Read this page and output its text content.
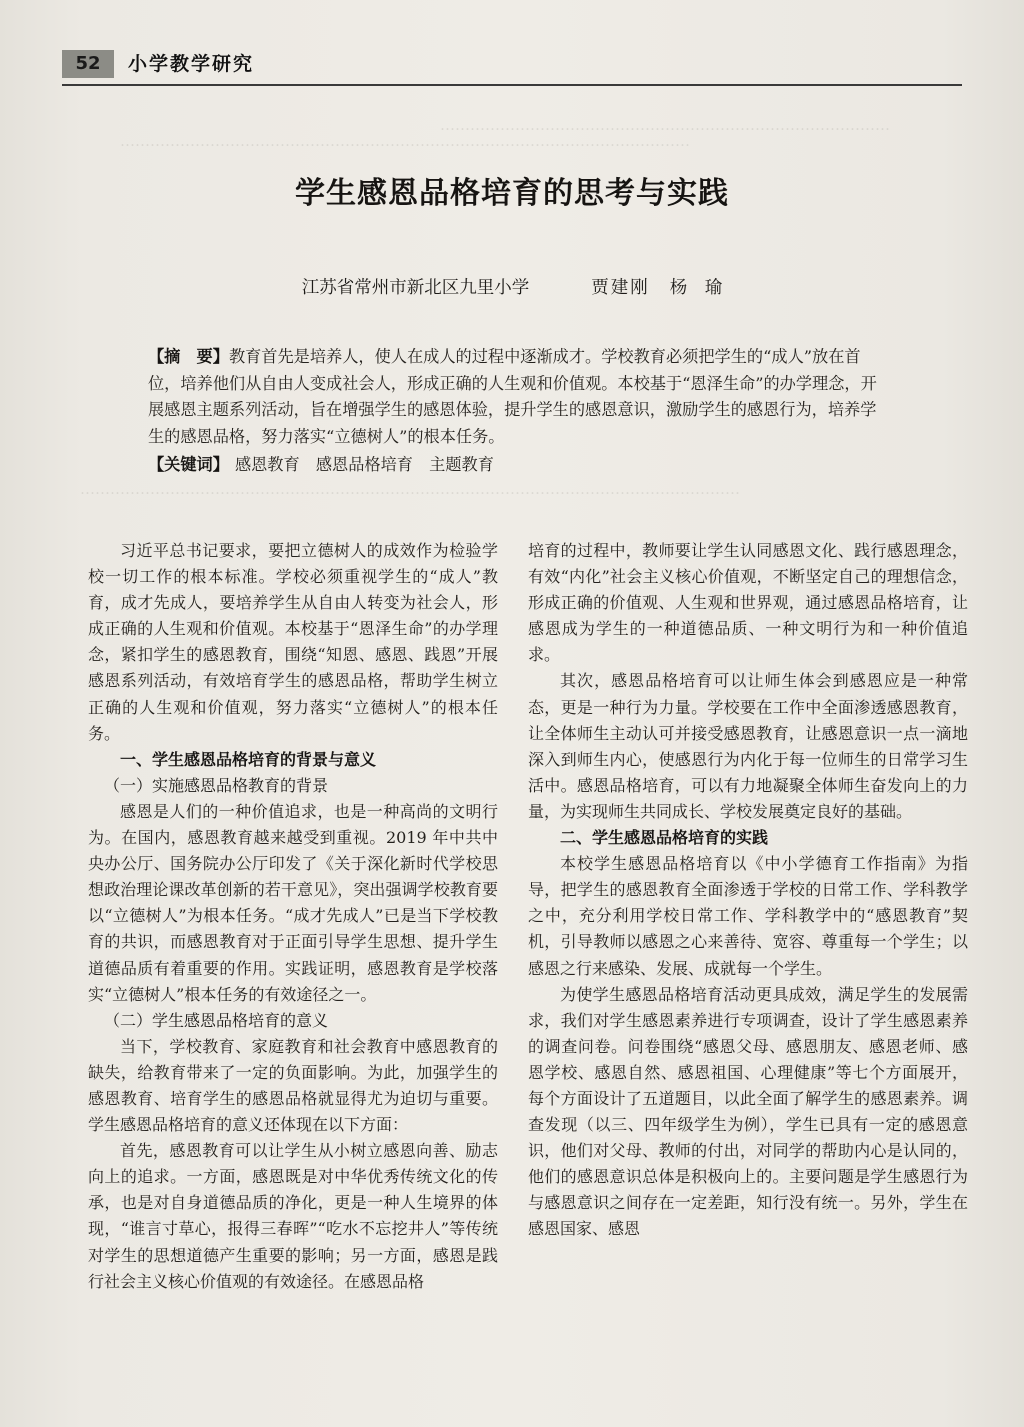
………………………………………………………………………………
……………………………………………………………………………………………………
……………………………………………………………………………………………………………………
52	小学教学研究
学生感恩品格培育的思考与实践
江苏省常州市新北区九里小学	贾建刚 杨　瑜
【摘　要】教育首先是培养人，使人在成人的过程中逐渐成才。学校教育必须把学生的“成人”放在首位，培养他们从自由人变成社会人，形成正确的人生观和价值观。本校基于“恩泽生命”的办学理念，开展感恩主题系列活动，旨在增强学生的感恩体验，提升学生的感恩意识，激励学生的感恩行为，培养学生的感恩品格，努力落实“立德树人”的根本任务。
【关键词】 感恩教育　感恩品格培育　主题教育

习近平总书记要求，要把立德树人的成效作为检验学校一切工作的根本标准。学校必须重视学生的“成人”教育，成才先成人，要培养学生从自由人转变为社会人，形成正确的人生观和价值观。本校基于“恩泽生命”的办学理念，紧扣学生的感恩教育，围绕“知恩、感恩、践恩”开展感恩系列活动，有效培育学生的感恩品格，帮助学生树立正确的人生观和价值观，努力落实“立德树人”的根本任务。

一、学生感恩品格培育的背景与意义
（一）实施感恩品格教育的背景

感恩是人们的一种价值追求，也是一种高尚的文明行为。在国内，感恩教育越来越受到重视。2019 年中共中央办公厅、国务院办公厅印发了《关于深化新时代学校思想政治理论课改革创新的若干意见》，突出强调学校教育要以“立德树人”为根本任务。“成才先成人”已是当下学校教育的共识，而感恩教育对于正面引导学生思想、提升学生道德品质有着重要的作用。实践证明，感恩教育是学校落实“立德树人”根本任务的有效途径之一。

（二）学生感恩品格培育的意义

当下，学校教育、家庭教育和社会教育中感恩教育的缺失，给教育带来了一定的负面影响。为此，加强学生的感恩教育、培育学生的感恩品格就显得尤为迫切与重要。学生感恩品格培育的意义还体现在以下方面：

首先，感恩教育可以让学生从小树立感恩向善、励志向上的追求。一方面，感恩既是对中华优秀传统文化的传承，也是对自身道德品质的净化，更是一种人生境界的体现，“谁言寸草心，报得三春晖”“吃水不忘挖井人”等传统对学生的思想道德产生重要的影响；另一方面，感恩是践行社会主义核心价值观的有效途径。在感恩品格

培育的过程中，教师要让学生认同感恩文化、践行感恩理念，有效“内化”社会主义核心价值观，不断坚定自己的理想信念，形成正确的价值观、人生观和世界观，通过感恩品格培育，让感恩成为学生的一种道德品质、一种文明行为和一种价值追求。

其次，感恩品格培育可以让师生体会到感恩应是一种常态，更是一种行为力量。学校要在工作中全面渗透感恩教育，让全体师生主动认可并接受感恩教育，让感恩意识一点一滴地深入到师生内心，使感恩行为内化于每一位师生的日常学习生活中。感恩品格培育，可以有力地凝聚全体师生奋发向上的力量，为实现师生共同成长、学校发展奠定良好的基础。

二、学生感恩品格培育的实践

本校学生感恩品格培育以《中小学德育工作指南》为指导，把学生的感恩教育全面渗透于学校的日常工作、学科教学之中，充分利用学校日常工作、学科教学中的“感恩教育”契机，引导教师以感恩之心来善待、宽容、尊重每一个学生；以感恩之行来感染、发展、成就每一个学生。

为使学生感恩品格培育活动更具成效，满足学生的发展需求，我们对学生感恩素养进行专项调查，设计了学生感恩素养的调查问卷。问卷围绕“感恩父母、感恩朋友、感恩老师、感恩学校、感恩自然、感恩祖国、心理健康”等七个方面展开，每个方面设计了五道题目，以此全面了解学生的感恩素养。调查发现（以三、四年级学生为例），学生已具有一定的感恩意识，他们对父母、教师的付出，对同学的帮助内心是认同的，他们的感恩意识总体是积极向上的。主要问题是学生感恩行为与感恩意识之间存在一定差距，知行没有统一。另外，学生在感恩国家、感恩
